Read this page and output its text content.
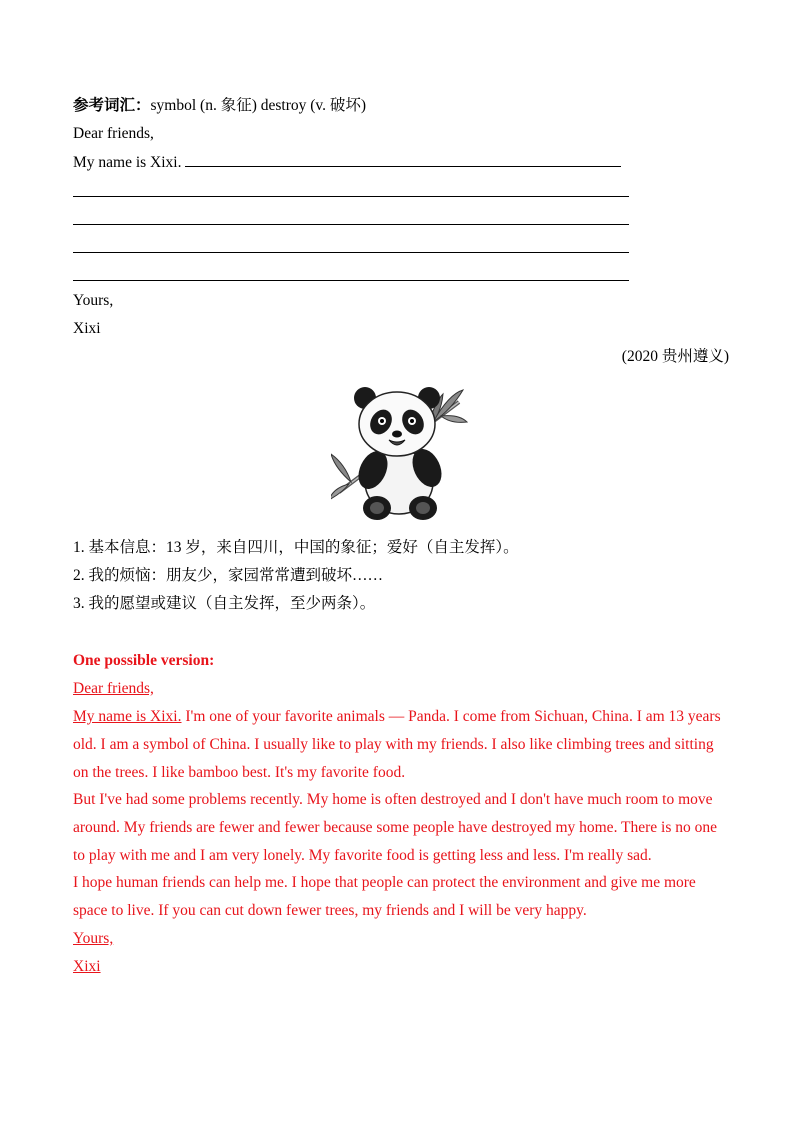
参考词汇：symbol (n. 象征) destroy (v. 破坏)
Dear friends,
My name is Xixi.
Yours,
Xixi
(2020 贵州遵义)
1. 基本信息：13 岁，来自四川，中国的象征；爱好（自主发挥）。
2. 我的烦恼：朋友少，家园常常遭到破坏……
3. 我的愿望或建议（自主发挥，至少两条）。
One possible version:
Dear friends,
My name is Xixi. I'm one of your favorite animals — Panda. I come from Sichuan, China. I am 13 years old. I am a symbol of China. I usually like to play with my friends. I also like climbing trees and sitting on the trees. I like bamboo best. It's my favorite food.
But I've had some problems recently. My home is often destroyed and I don't have much room to move around. My friends are fewer and fewer because some people have destroyed my home. There is no one to play with me and I am very lonely. My favorite food is getting less and less. I'm really sad.
I hope human friends can help me. I hope that people can protect the environment and give me more space to live. If you can cut down fewer trees, my friends and I will be very happy.
Yours,
Xixi
